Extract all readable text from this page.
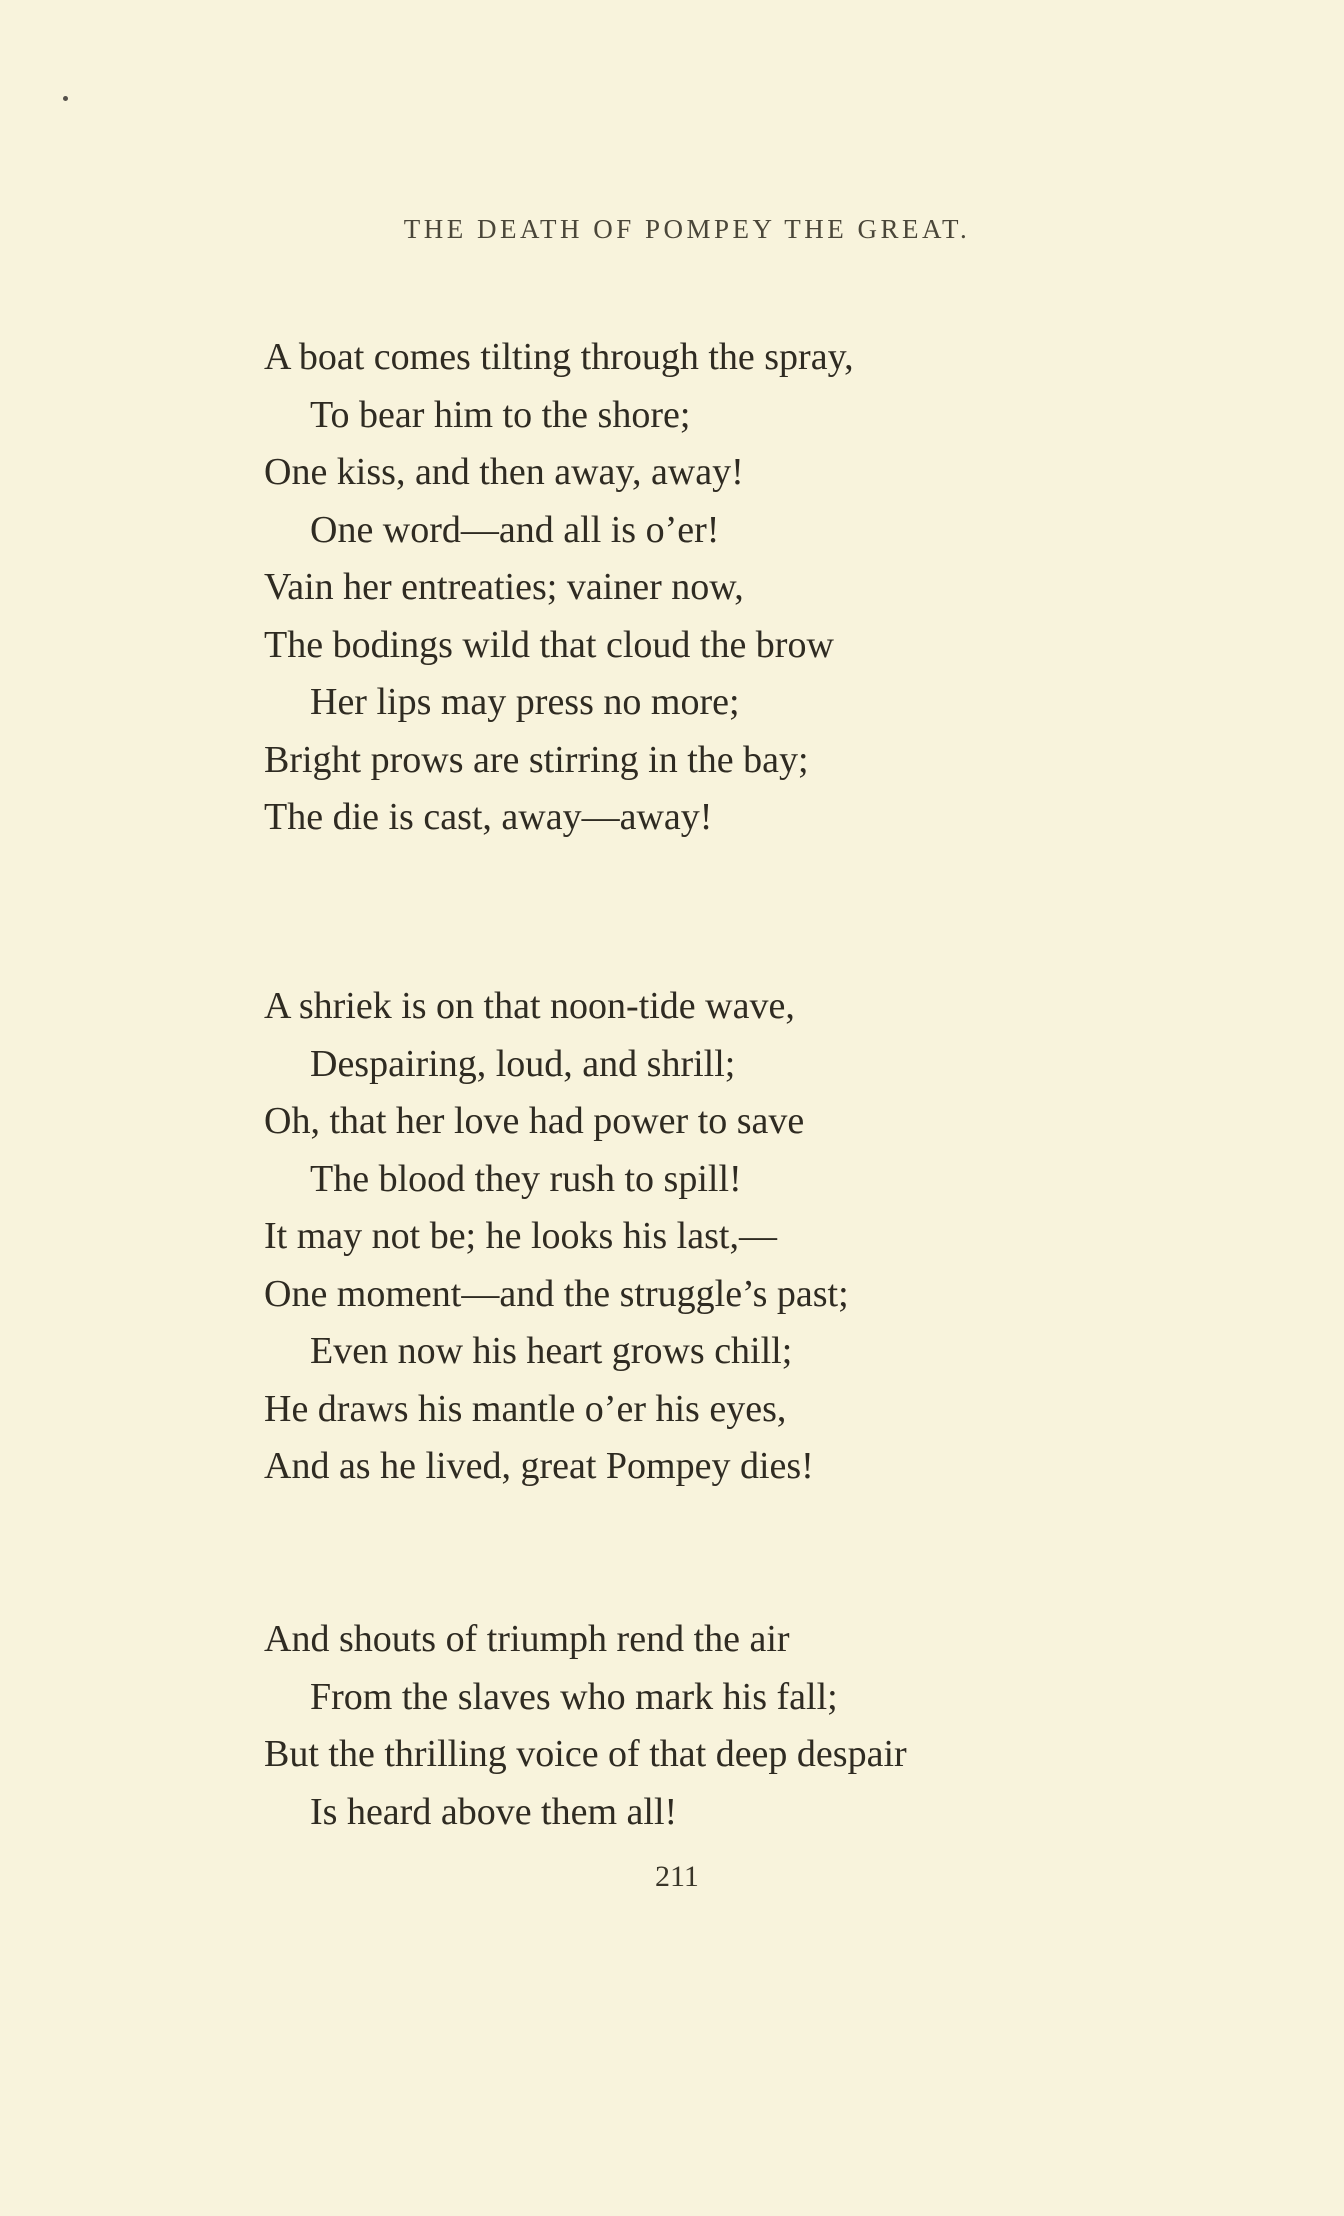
THE DEATH OF POMPEY THE GREAT.
A boat comes tilting through the spray,
To bear him to the shore;
One kiss, and then away, away!
One word—and all is o’er!
Vain her entreaties; vainer now,
The bodings wild that cloud the brow
Her lips may press no more;
Bright prows are stirring in the bay;
The die is cast, away—away!
A shriek is on that noon-tide wave,
Despairing, loud, and shrill;
Oh, that her love had power to save
The blood they rush to spill!
It may not be; he looks his last,—
One moment—and the struggle’s past;
Even now his heart grows chill;
He draws his mantle o’er his eyes,
And as he lived, great Pompey dies!
And shouts of triumph rend the air
From the slaves who mark his fall;
But the thrilling voice of that deep despair
Is heard above them all!
211
